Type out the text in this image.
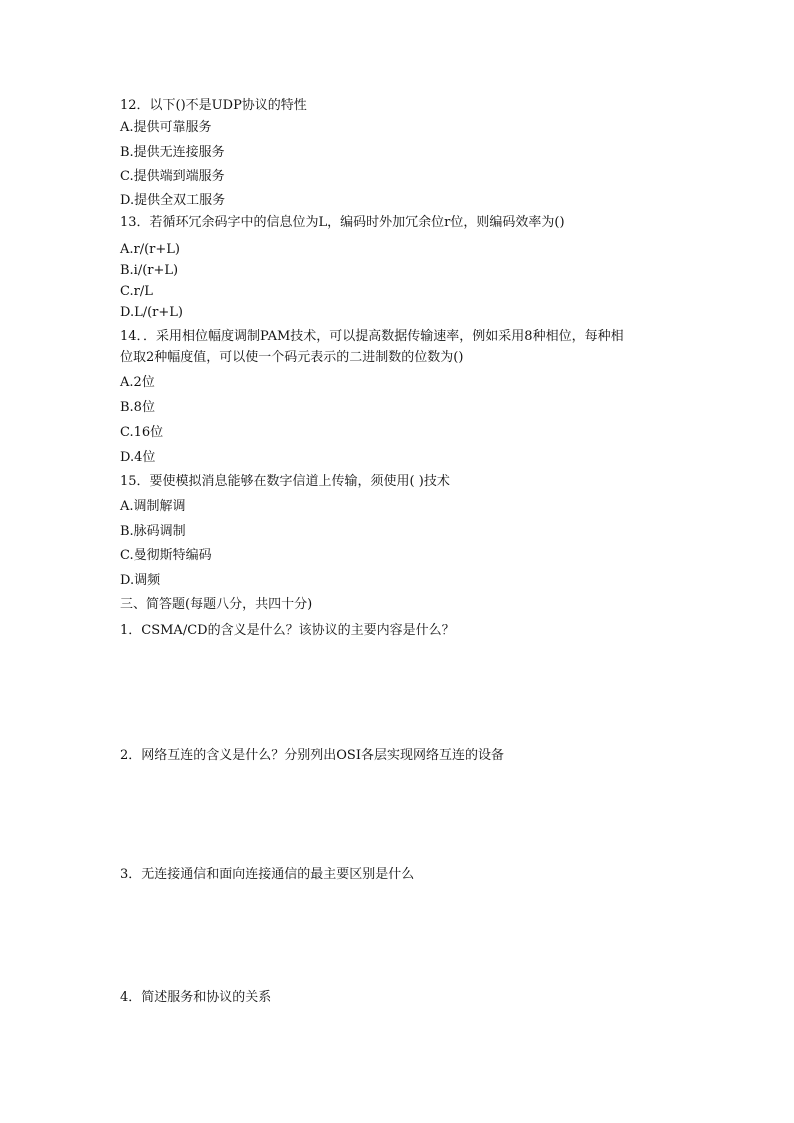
12．以下()不是UDP协议的特性
A.提供可靠服务
B.提供无连接服务
C.提供端到端服务
D.提供全双工服务
13．若循环冗余码字中的信息位为L，编码时外加冗余位r位，则编码效率为()
A.r/(r+L)
B.i/(r+L)
C.r/L
D.L/(r+L)
14．．采用相位幅度调制PAM技术，可以提高数据传输速率，例如采用8种相位，每种相
位取2种幅度值，可以使一个码元表示的二进制数的位数为()
A.2位
B.8位
C.16位
D.4位
15．要使模拟消息能够在数字信道上传输，须使用( )技术
A.调制解调
B.脉码调制
C.曼彻斯特编码
D.调频
三、简答题(每题八分，共四十分)
1．CSMA/CD的含义是什么？该协议的主要内容是什么？
2．网络互连的含义是什么？分别列出OSI各层实现网络互连的设备
3．无连接通信和面向连接通信的最主要区别是什么
4．简述服务和协议的关系
